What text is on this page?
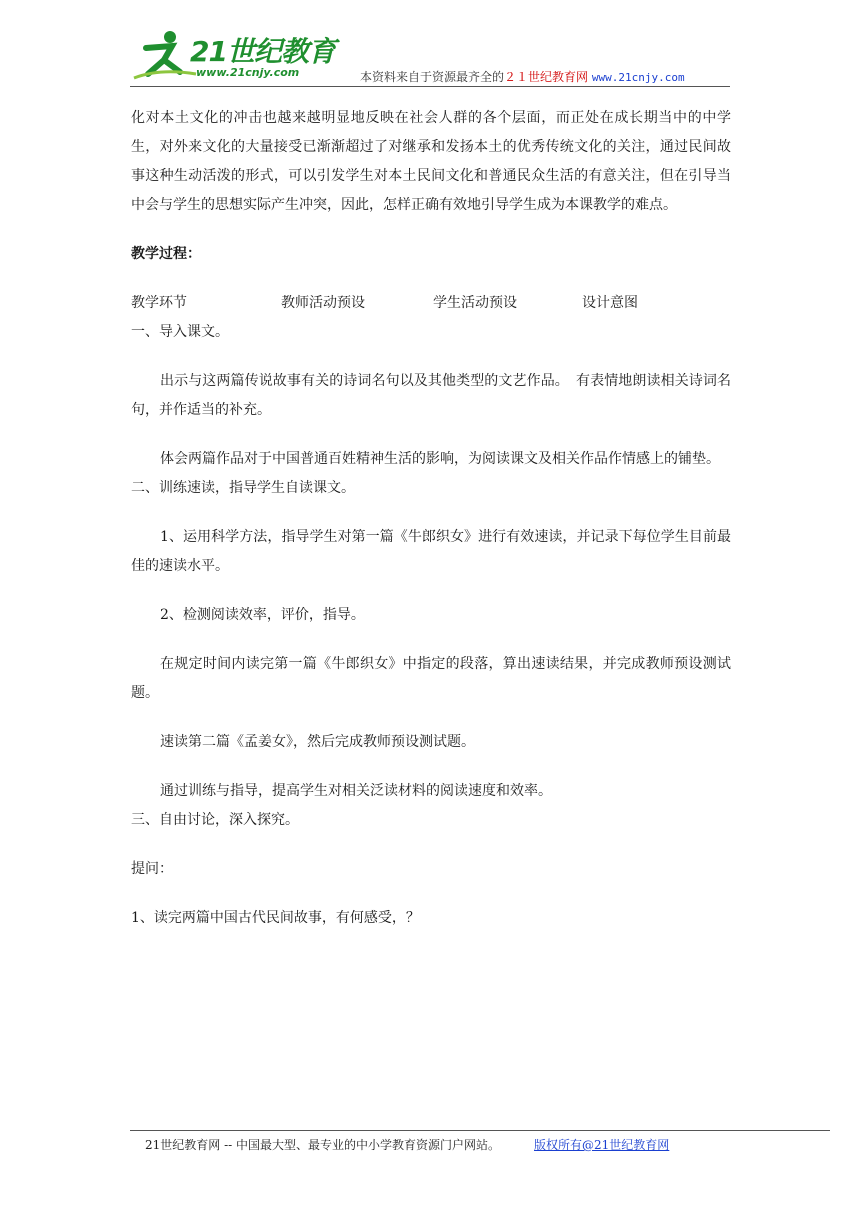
21世纪教育
www.21cnjy.com	本资料来自于资源最齐全的２１世纪教育网 www.21cnjy.com

化对本土文化的冲击也越来越明显地反映在社会人群的各个层面，而正处在成长期当中的中学生，对外来文化的大量接受已渐渐超过了对继承和发扬本土的优秀传统文化的关注，通过民间故事这种生动活泼的形式，可以引发学生对本土民间文化和普通民众生活的有意关注，但在引导当中会与学生的思想实际产生冲突，因此，怎样正确有效地引导学生成为本课教学的难点。

教学过程：

教学环节	教师活动预设	学生活动预设	设计意图

一、导入课文。

出示与这两篇传说故事有关的诗词名句以及其他类型的文艺作品。　有表情地朗读相关诗词名句，并作适当的补充。

体会两篇作品对于中国普通百姓精神生活的影响，为阅读课文及相关作品作情感上的铺垫。

二、训练速读，指导学生自读课文。

1、运用科学方法，指导学生对第一篇《牛郎织女》进行有效速读，并记录下每位学生目前最佳的速读水平。

2、检测阅读效率，评价，指导。

在规定时间内读完第一篇《牛郎织女》中指定的段落，算出速读结果，并完成教师预设测试题。

速读第二篇《孟姜女》，然后完成教师预设测试题。

通过训练与指导，提高学生对相关泛读材料的阅读速度和效率。

三、自由讨论，深入探究。

提问：

1、读完两篇中国古代民间故事，有何感受，？

21世纪教育网 -- 中国最大型、最专业的中小学教育资源门户网站。	版权所有@21世纪教育网
